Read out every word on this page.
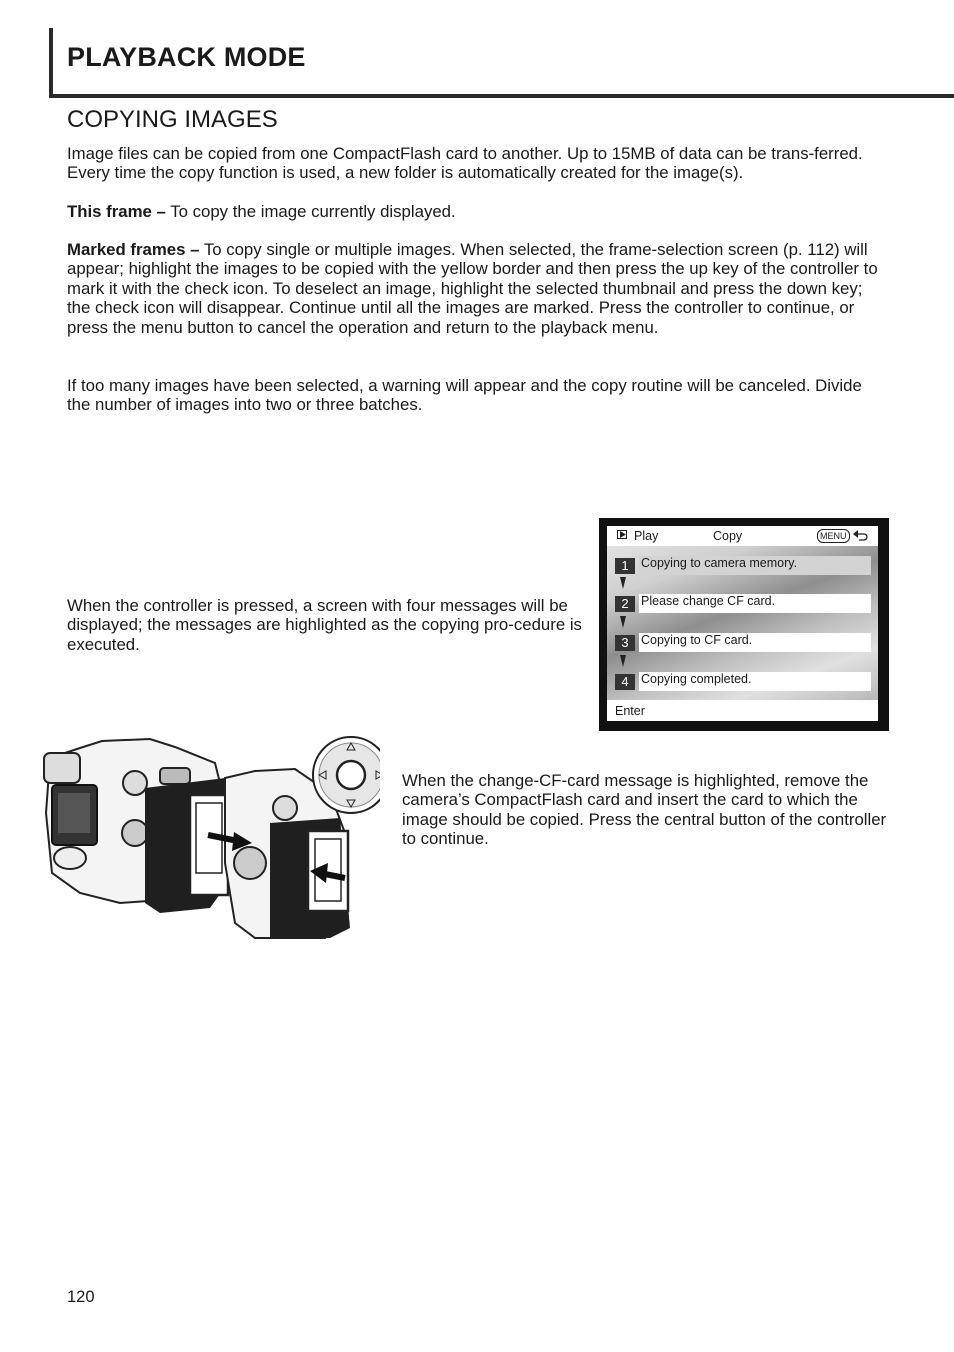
PLAYBACK MODE
COPYING IMAGES

Image files can be copied from one CompactFlash card to another. Up to 15MB of data can be trans-ferred. Every time the copy function is used, a new folder is automatically created for the image(s).

This frame – To copy the image currently displayed.

Marked frames – To copy single or multiple images. When selected, the frame-selection screen (p. 112) will appear; highlight the images to be copied with the yellow border and then press the up key of the controller to mark it with the check icon. To deselect an image, highlight the selected thumbnail and press the down key; the check icon will disappear. Continue until all the images are marked. Press the controller to continue, or press the menu button to cancel the operation and return to the playback menu.

If too many images have been selected, a warning will appear and the copy routine will be canceled. Divide the number of images into two or three batches.

When the controller is pressed, a screen with four messages will be displayed; the messages are highlighted as the copying pro-cedure is executed.

Play	Copy	MENU
1 Copying to camera memory.
2 Please change CF card.
3 Copying to CF card.
4 Copying completed.
Enter

When the change-CF-card message is highlighted, remove the camera’s CompactFlash card and insert the card to which the image should be copied. Press the central button of the controller to continue.

120
